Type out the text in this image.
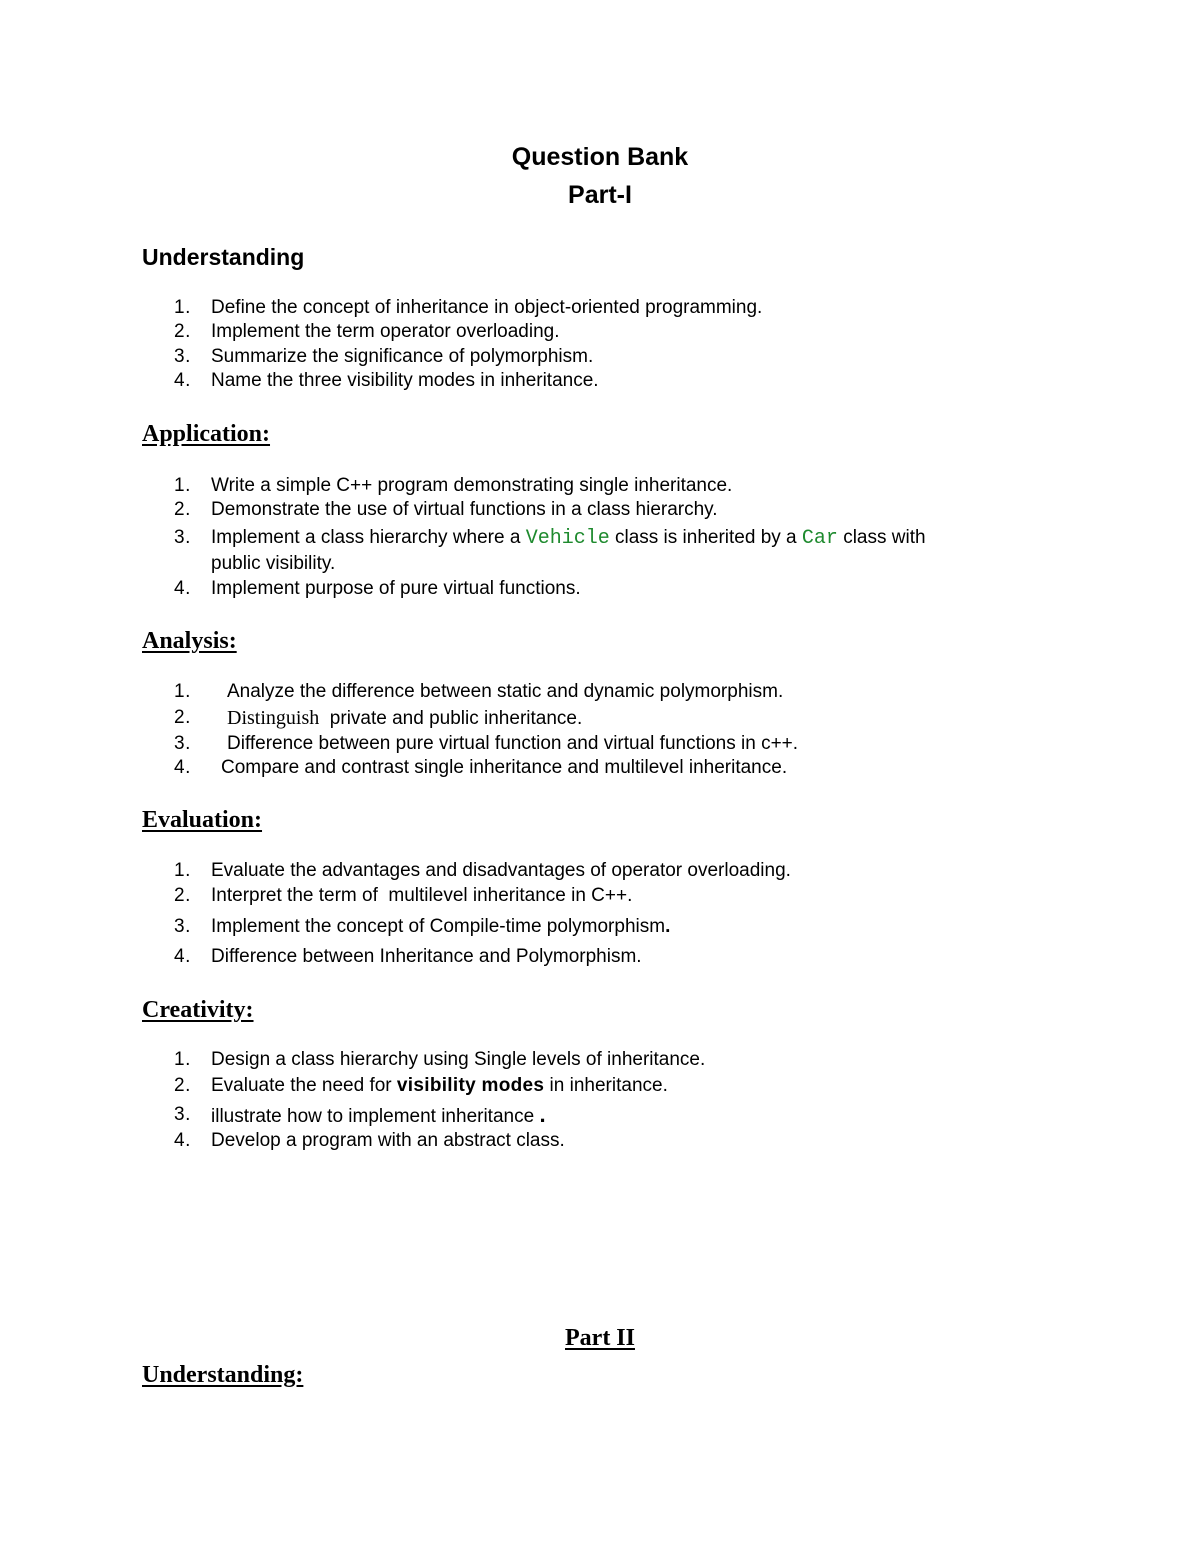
Question Bank
Part-I
Understanding
1. Define the concept of inheritance in object-oriented programming.
2. Implement the term operator overloading.
3. Summarize the significance of polymorphism.
4. Name the three visibility modes in inheritance.
Application:
1. Write a simple C++ program demonstrating single inheritance.
2. Demonstrate the use of virtual functions in a class hierarchy.
3. Implement a class hierarchy where a Vehicle class is inherited by a Car class with
public visibility.
4. Implement purpose of pure virtual functions.
Analysis:
1. Analyze the difference between static and dynamic polymorphism.
2. Distinguish  private and public inheritance.
3. Difference between pure virtual function and virtual functions in c++.
4. Compare and contrast single inheritance and multilevel inheritance.
Evaluation:
1. Evaluate the advantages and disadvantages of operator overloading.
2. Interpret the term of  multilevel inheritance in C++.
3. Implement the concept of Compile-time polymorphism.
4. Difference between Inheritance and Polymorphism.
Creativity:
1. Design a class hierarchy using Single levels of inheritance.
2. Evaluate the need for visibility modes in inheritance.
3. illustrate how to implement inheritance .
4. Develop a program with an abstract class.
Part II
Understanding:
